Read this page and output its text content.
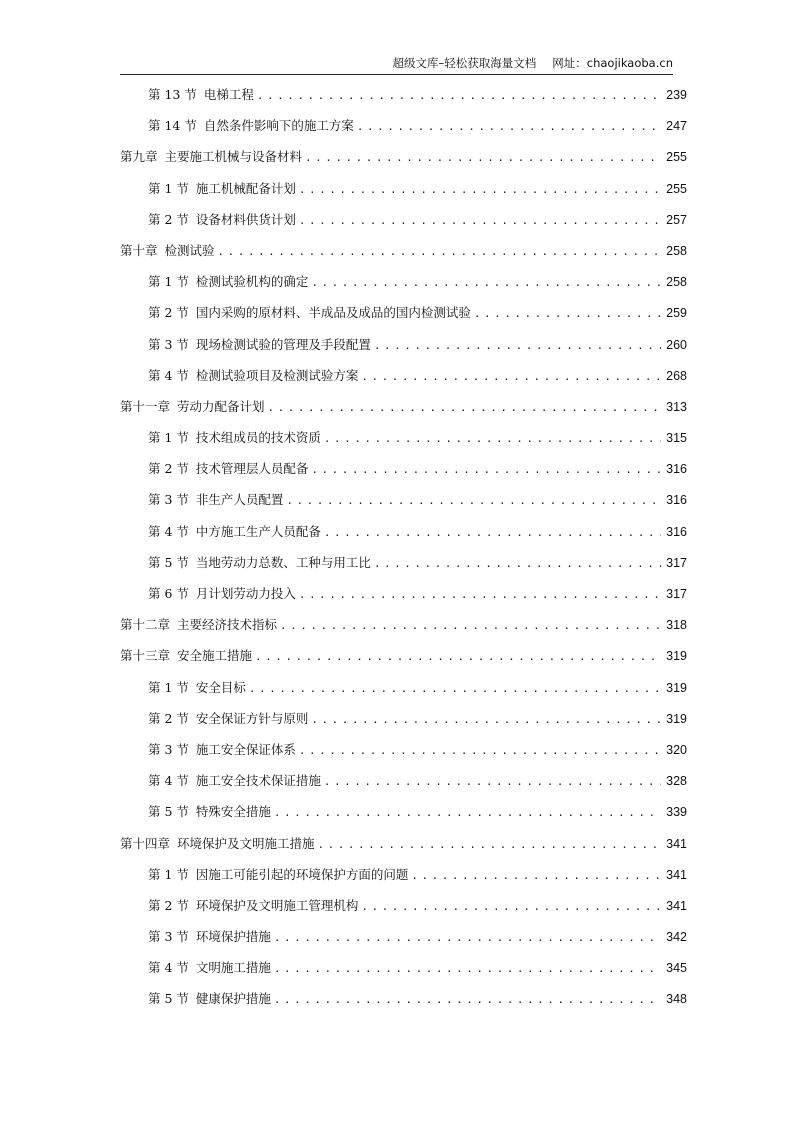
超级文库–轻松获取海量文档 网址：chaojikaoba.cn
第 13 节 电梯工程 .....	239
第 14 节 自然条件影响下的施工方案 .....	247
第九章 主要施工机械与设备材料 .....	255
第 1 节 施工机械配备计划 .....	255
第 2 节 设备材料供货计划 .....	257
第十章 检测试验 .....	258
第 1 节 检测试验机构的确定 .....	258
第 2 节 国内采购的原材料、半成品及成品的国内检测试验 .....	259
第 3 节 现场检测试验的管理及手段配置 .....	260
第 4 节 检测试验项目及检测试验方案 .....	268
第十一章 劳动力配备计划 .....	313
第 1 节 技术组成员的技术资质 .....	315
第 2 节 技术管理层人员配备 .....	316
第 3 节 非生产人员配置 .....	316
第 4 节 中方施工生产人员配备 .....	316
第 5 节 当地劳动力总数、工种与用工比 .....	317
第 6 节 月计划劳动力投入 .....	317
第十二章 主要经济技术指标 .....	318
第十三章 安全施工措施 .....	319
第 1 节 安全目标 .....	319
第 2 节 安全保证方针与原则 .....	319
第 3 节 施工安全保证体系 .....	320
第 4 节 施工安全技术保证措施 .....	328
第 5 节 特殊安全措施 .....	339
第十四章 环境保护及文明施工措施 .....	341
第 1 节 因施工可能引起的环境保护方面的问题 .....	341
第 2 节 环境保护及文明施工管理机构 .....	341
第 3 节 环境保护措施 .....	342
第 4 节 文明施工措施 .....	345
第 5 节 健康保护措施 .....	348
